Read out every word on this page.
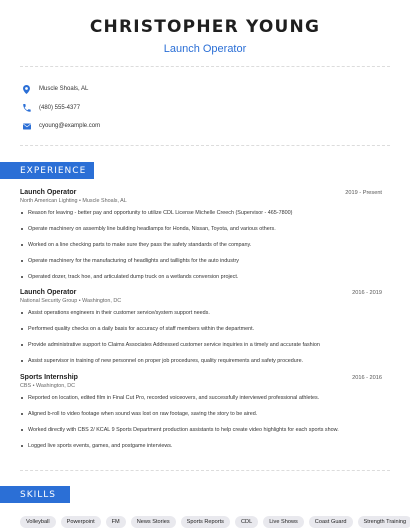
CHRISTOPHER YOUNG
Launch Operator
Muscle Shoals, AL
(480) 555-4377
cyoung@example.com
EXPERIENCE
Launch Operator	2019 - Present
North American Lighting • Muscle Shoals, AL
Reason for leaving - better pay and opportunity to utilize CDL License Michelle Creech (Supervisor - 465-7800)
Operate machinery on assembly line building headlamps for Honda, Nissan, Toyota, and various others.
Worked on a line checking parts to make sure they pass the safety standards of the company.
Operate machinery for the manufacturing of headlights and taillights for the auto industry
Operated dozer, track hoe, and articulated dump truck on a wetlands conversion project.
Launch Operator	2016 - 2019
National Security Group • Washington, DC
Assist operations engineers in their customer service/system support needs.
Performed quality checks on a daily basis for accuracy of staff members within the department.
Provide administrative support to Claims Associates Addressed customer service inquiries in a timely and accurate fashion
Assist supervisor in training of new personnel on proper job procedures, quality requirements and safety procedure.
Sports Internship	2016 - 2016
CBS • Washington, DC
Reported on location, edited film in Final Cut Pro, recorded voiceovers, and successfully interviewed professional athletes.
Aligned b-roll to video footage when sound was lost on raw footage, saving the story to be aired.
Worked directly with CBS 2/ KCAL 9 Sports Department production assistants to help create video highlights for each sports show.
Logged live sports events, games, and postgame interviews.
SKILLS
Volleyball	Powerpoint	FM	News Stories	Sports Reports	CDL	Live Shows	Coast Guard	Strength Training
